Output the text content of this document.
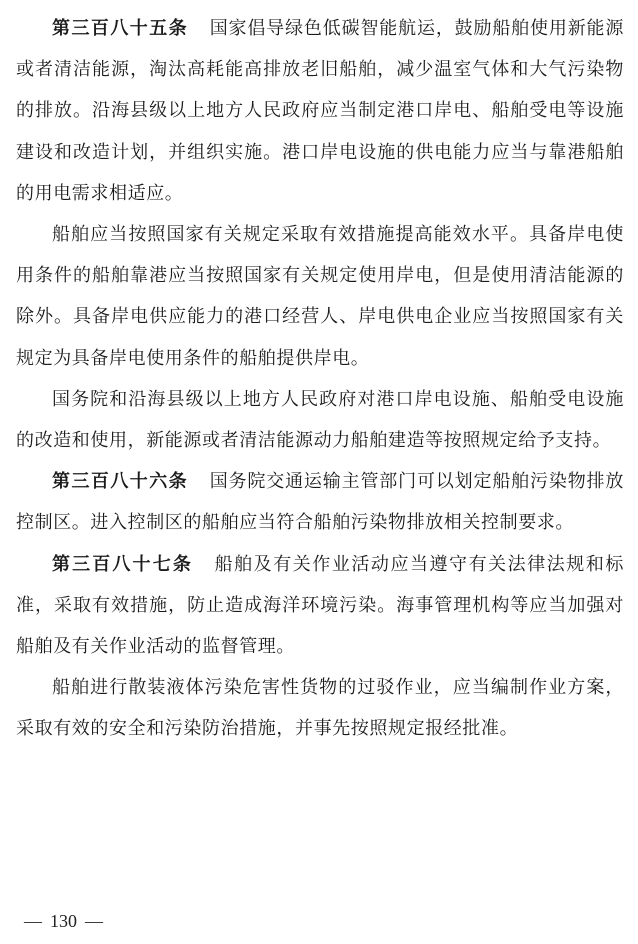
第三百八十五条 国家倡导绿色低碳智能航运，鼓励船舶使用新能源或者清洁能源，淘汰高耗能高排放老旧船舶，减少温室气体和大气污染物的排放。沿海县级以上地方人民政府应当制定港口岸电、船舶受电等设施建设和改造计划，并组织实施。港口岸电设施的供电能力应当与靠港船舶的用电需求相适应。

船舶应当按照国家有关规定采取有效措施提高能效水平。具备岸电使用条件的船舶靠港应当按照国家有关规定使用岸电，但是使用清洁能源的除外。具备岸电供应能力的港口经营人、岸电供电企业应当按照国家有关规定为具备岸电使用条件的船舶提供岸电。

国务院和沿海县级以上地方人民政府对港口岸电设施、船舶受电设施的改造和使用，新能源或者清洁能源动力船舶建造等按照规定给予支持。

第三百八十六条 国务院交通运输主管部门可以划定船舶污染物排放控制区。进入控制区的船舶应当符合船舶污染物排放相关控制要求。

第三百八十七条 船舶及有关作业活动应当遵守有关法律法规和标准，采取有效措施，防止造成海洋环境污染。海事管理机构等应当加强对船舶及有关作业活动的监督管理。

船舶进行散装液体污染危害性货物的过驳作业，应当编制作业方案，采取有效的安全和污染防治措施，并事先按照规定报经批准。

— 130 —
